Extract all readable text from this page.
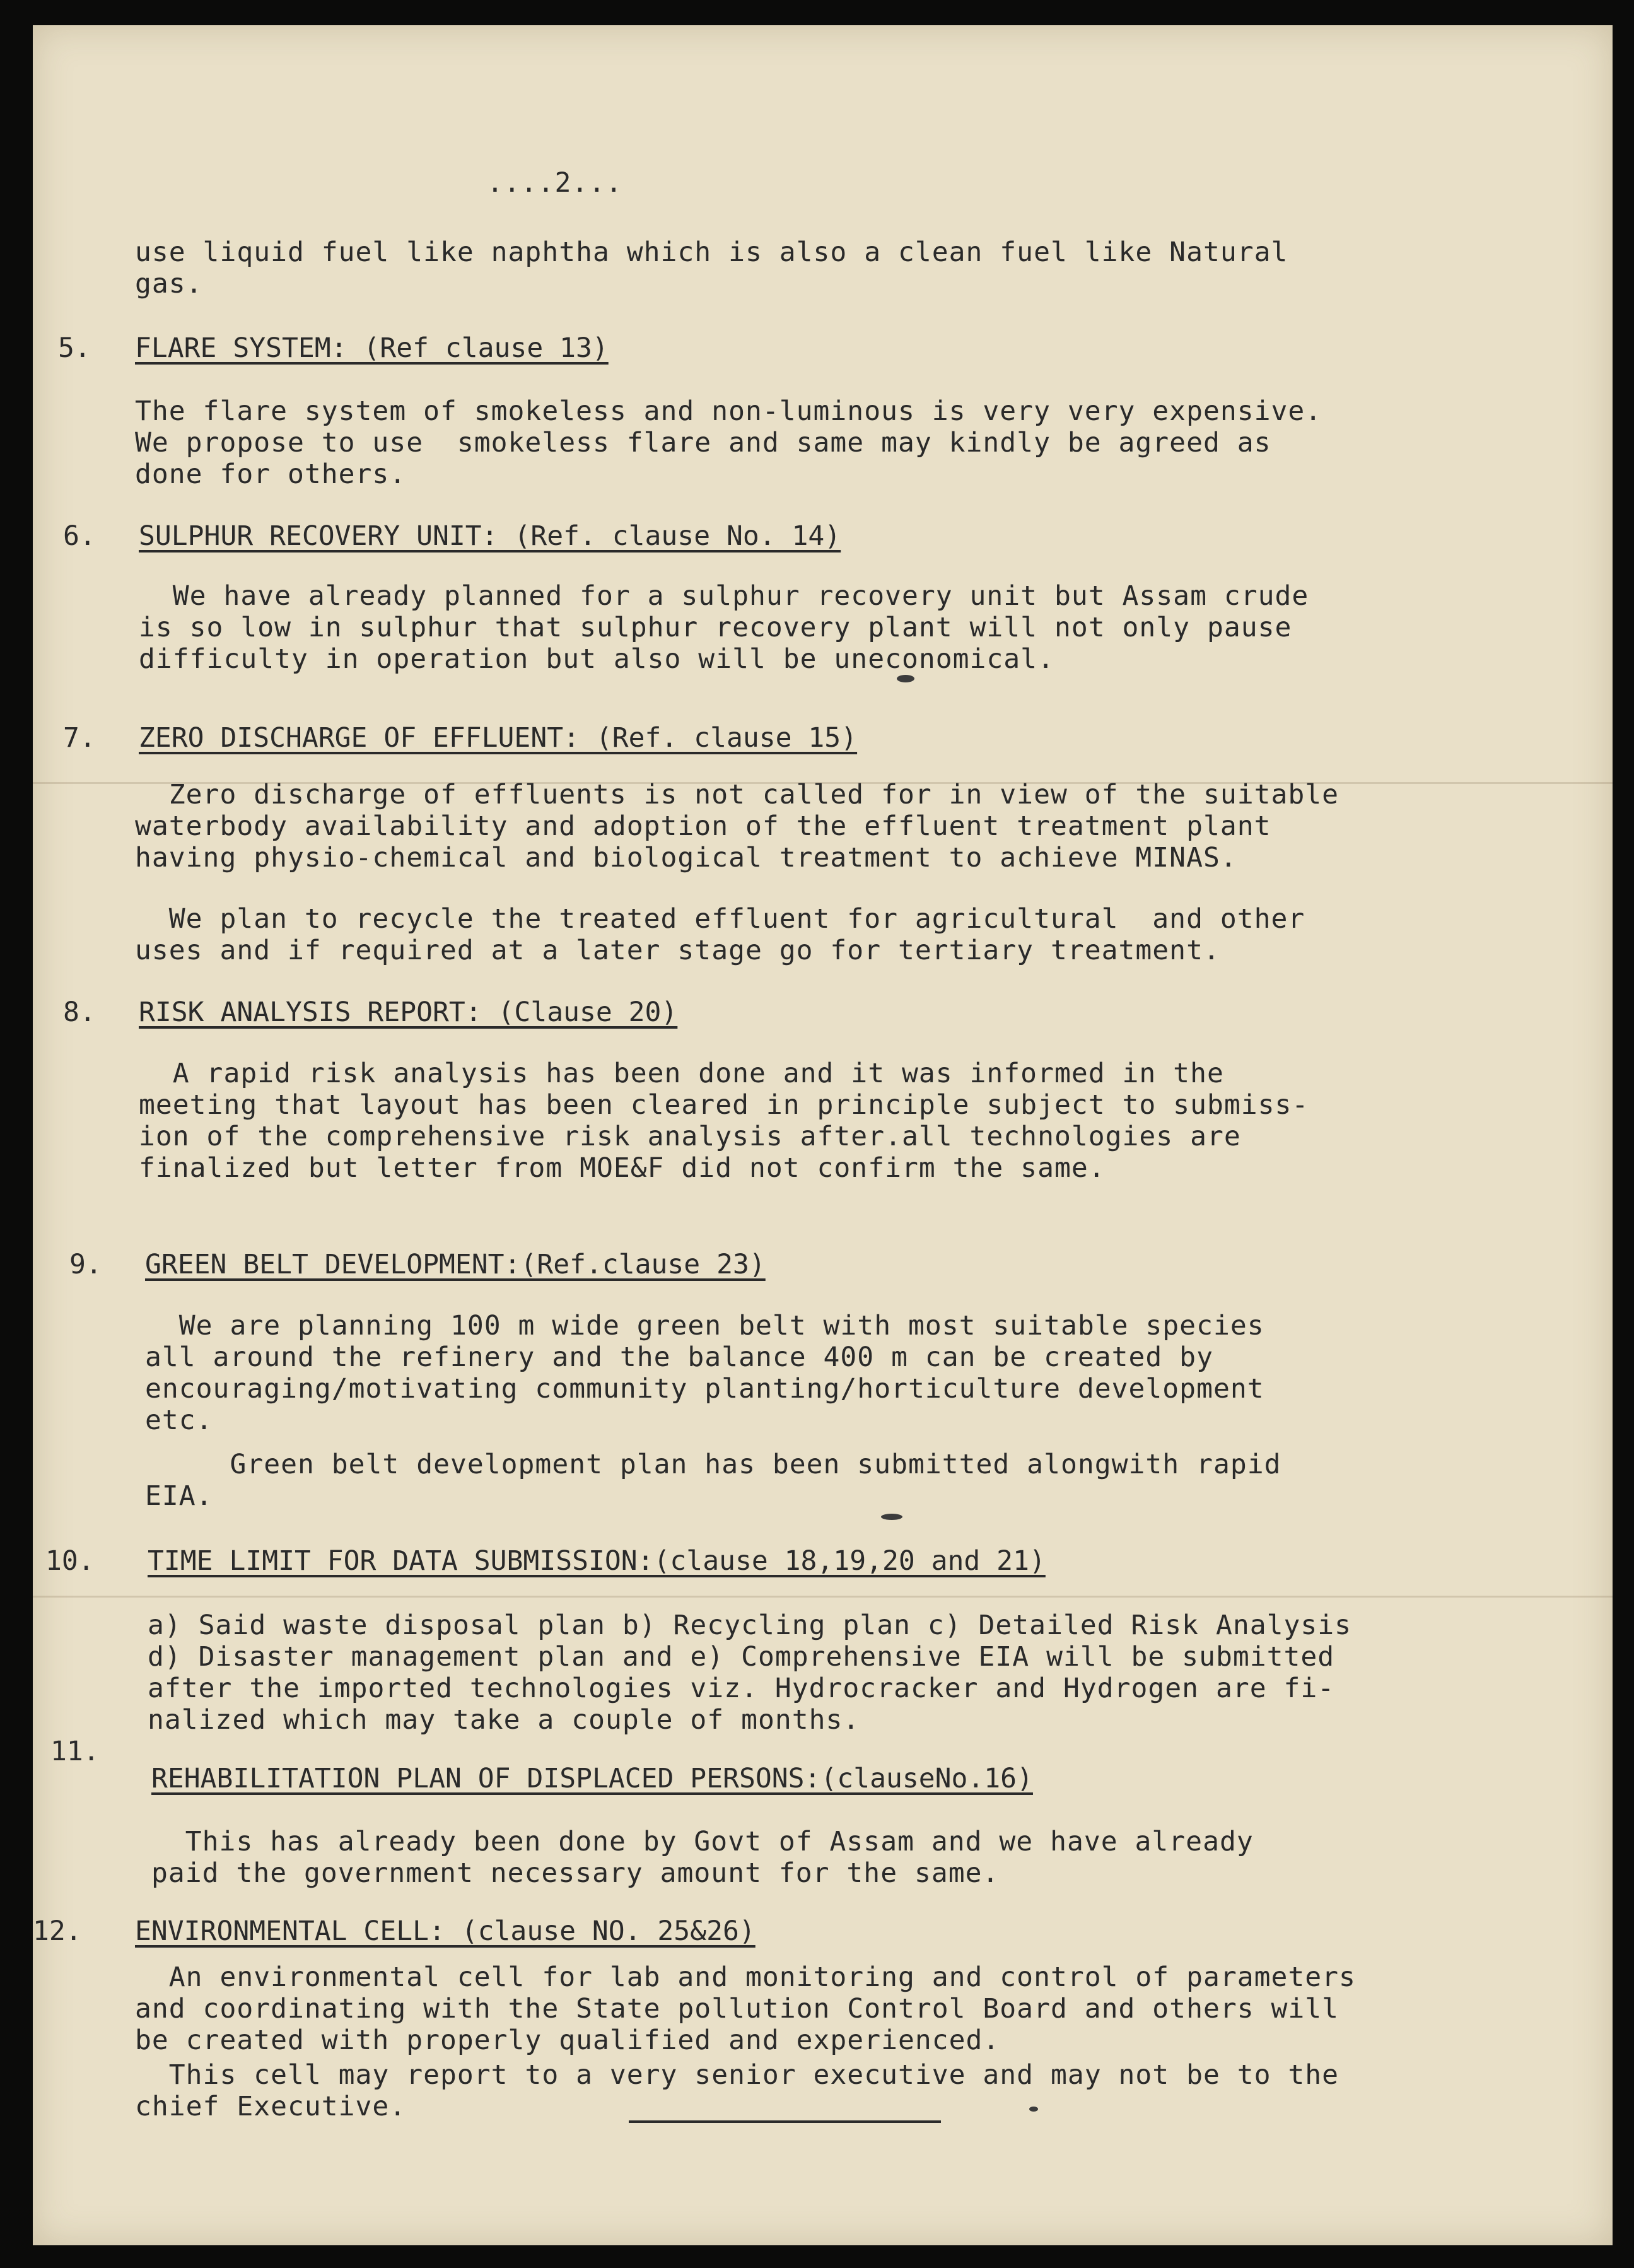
....2...
use liquid fuel like naphtha which is also a clean fuel like Natural
gas.
5. FLARE SYSTEM: (Ref clause 13)
The flare system of smokeless and non-luminous is very very expensive.
We propose to use  smokeless flare and same may kindly be agreed as
done for others.
6. SULPHUR RECOVERY UNIT: (Ref. clause No. 14)
We have already planned for a sulphur recovery unit but Assam crude
is so low in sulphur that sulphur recovery plant will not only pause
difficulty in operation but also will be uneconomical.
7. ZERO DISCHARGE OF EFFLUENT: (Ref. clause 15)
Zero discharge of effluents is not called for in view of the suitable
waterbody availability and adoption of the effluent treatment plant
having physio-chemical and biological treatment to achieve MINAS.
We plan to recycle the treated effluent for agricultural  and other
uses and if required at a later stage go for tertiary treatment.
8. RISK ANALYSIS REPORT: (Clause 20)
A rapid risk analysis has been done and it was informed in the
meeting that layout has been cleared in principle subject to submiss-
ion of the comprehensive risk analysis after.all technologies are
finalized but letter from MOE&F did not confirm the same.
9. GREEN BELT DEVELOPMENT:(Ref.clause 23)
We are planning 100 m wide green belt with most suitable species
all around the refinery and the balance 400 m can be created by
encouraging/motivating community planting/horticulture development
etc.
Green belt development plan has been submitted alongwith rapid
EIA.
10. TIME LIMIT FOR DATA SUBMISSION:(clause 18,19,20 and 21)
a) Said waste disposal plan b) Recycling plan c) Detailed Risk Analysis
d) Disaster management plan and e) Comprehensive EIA will be submitted
after the imported technologies viz. Hydrocracker and Hydrogen are fi-
nalized which may take a couple of months.
11.
REHABILITATION PLAN OF DISPLACED PERSONS:(clauseNo.16)
This has already been done by Govt of Assam and we have already
paid the government necessary amount for the same.
12. ENVIRONMENTAL CELL: (clause NO. 25&26)
An environmental cell for lab and monitoring and control of parameters
and coordinating with the State pollution Control Board and others will
be created with properly qualified and experienced.
This cell may report to a very senior executive and may not be to the
chief Executive.
